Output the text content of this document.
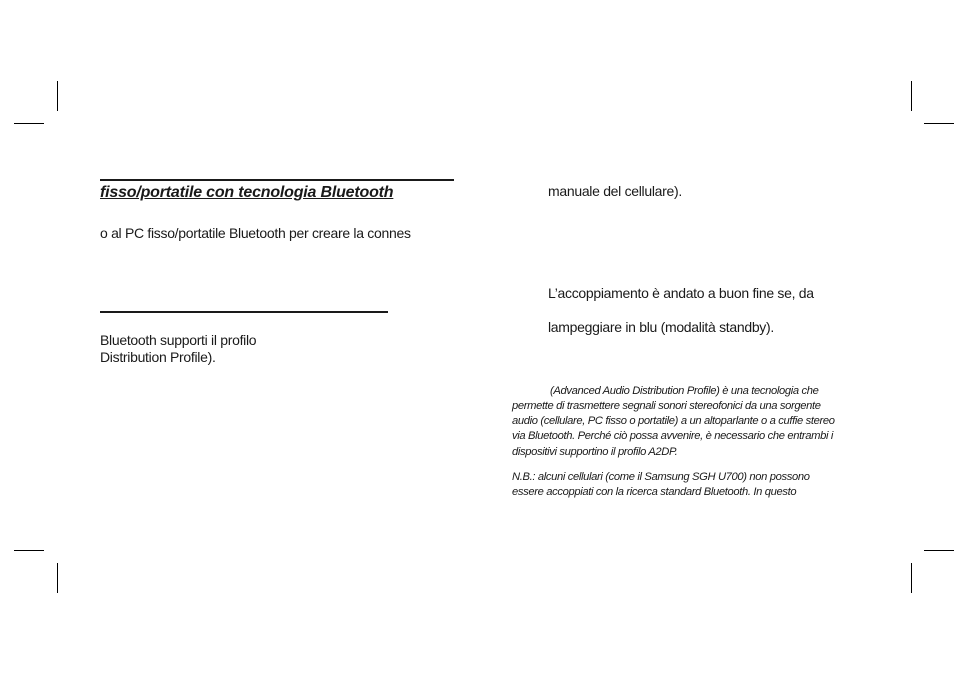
fisso/portatile con tecnologia Bluetooth
o al PC fisso/portatile Bluetooth per creare la connes
Bluetooth supporti il profilo
Distribution Profile).
manuale del cellulare).
L’accoppiamento è andato a buon fine se, da
lampeggiare in blu (modalità standby).
(Advanced Audio Distribution Profile) è una tecnologia che
permette di trasmettere segnali sonori stereofonici da una sorgente
audio (cellulare, PC fisso o portatile) a un altoparlante o a cuffie stereo
via Bluetooth. Perché ciò possa avvenire, è necessario che entrambi i
dispositivi supportino il profilo A2DP.
N.B.: alcuni cellulari (come il Samsung SGH U700) non possono
essere accoppiati con la ricerca standard Bluetooth. In questo
